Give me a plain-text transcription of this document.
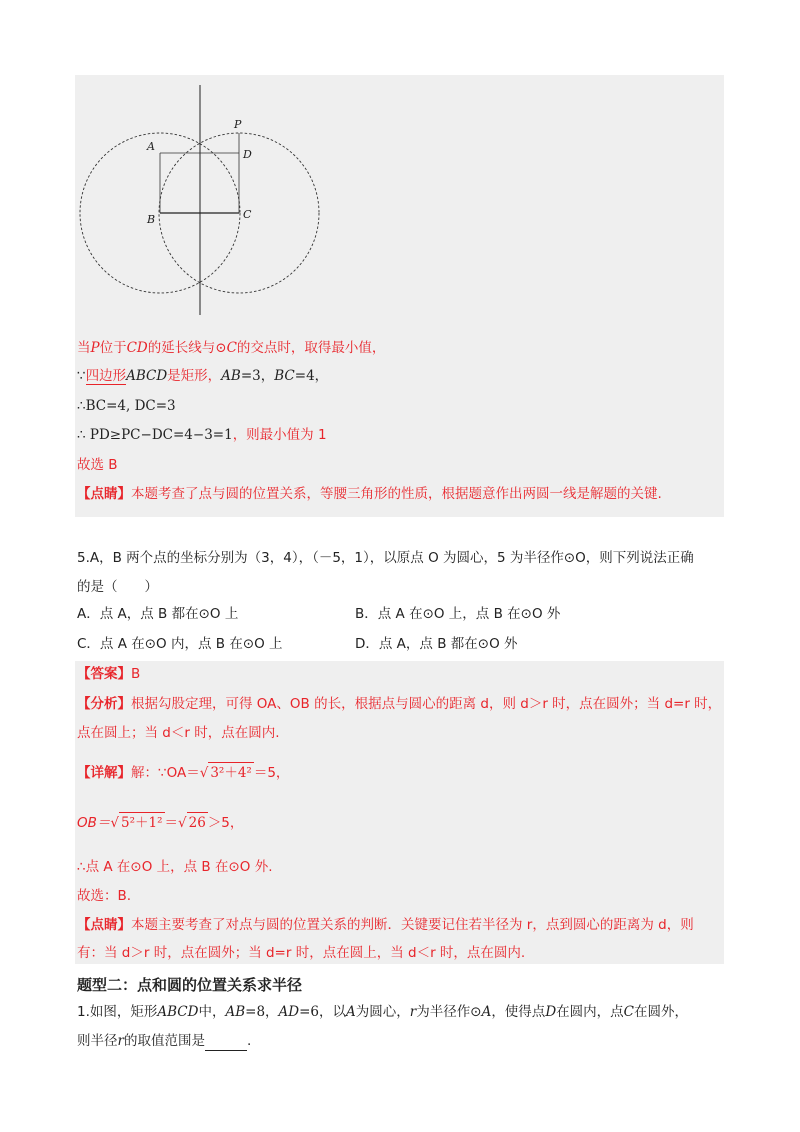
P
A
D
B	C
当P位于CD的延长线与⊙C的交点时，取得最小值，
∵四边形ABCD是矩形，AB=3，BC=4，
∴BC=4, DC=3
∴ PD≥PC−DC=4−3=1，则最小值为 1
故选 B
【点睛】本题考查了点与圆的位置关系，等腰三角形的性质，根据题意作出两圆一线是解题的关键.
5.A，B 两个点的坐标分别为（3，4），（－5，1），以原点 O 为圆心，5 为半径作⊙O，则下列说法正确
的是（　　）
A．点 A，点 B 都在⊙O 上	B．点 A 在⊙O 上，点 B 在⊙O 外
C．点 A 在⊙O 内，点 B 在⊙O 上	D．点 A，点 B 都在⊙O 外
【答案】B
【分析】根据勾股定理，可得 OA、OB 的长，根据点与圆心的距离 d，则 d＞r 时，点在圆外；当 d=r 时，
点在圆上；当 d＜r 时，点在圆内.
【详解】解：∵OA＝√ 3²＋4² ＝5，
OB＝√ 5²＋1² ＝√ 26 ＞5，
∴点 A 在⊙O 上，点 B 在⊙O 外.
故选：B.
【点睛】本题主要考查了对点与圆的位置关系的判断．关键要记住若半径为 r，点到圆心的距离为 d，则
有：当 d＞r 时，点在圆外；当 d=r 时，点在圆上，当 d＜r 时，点在圆内.
题型二：点和圆的位置关系求半径
1.如图，矩形ABCD中，AB=8，AD=6，以A为圆心，r为半径作⊙A，使得点D在圆内，点C在圆外，
则半径r的取值范围是	.
